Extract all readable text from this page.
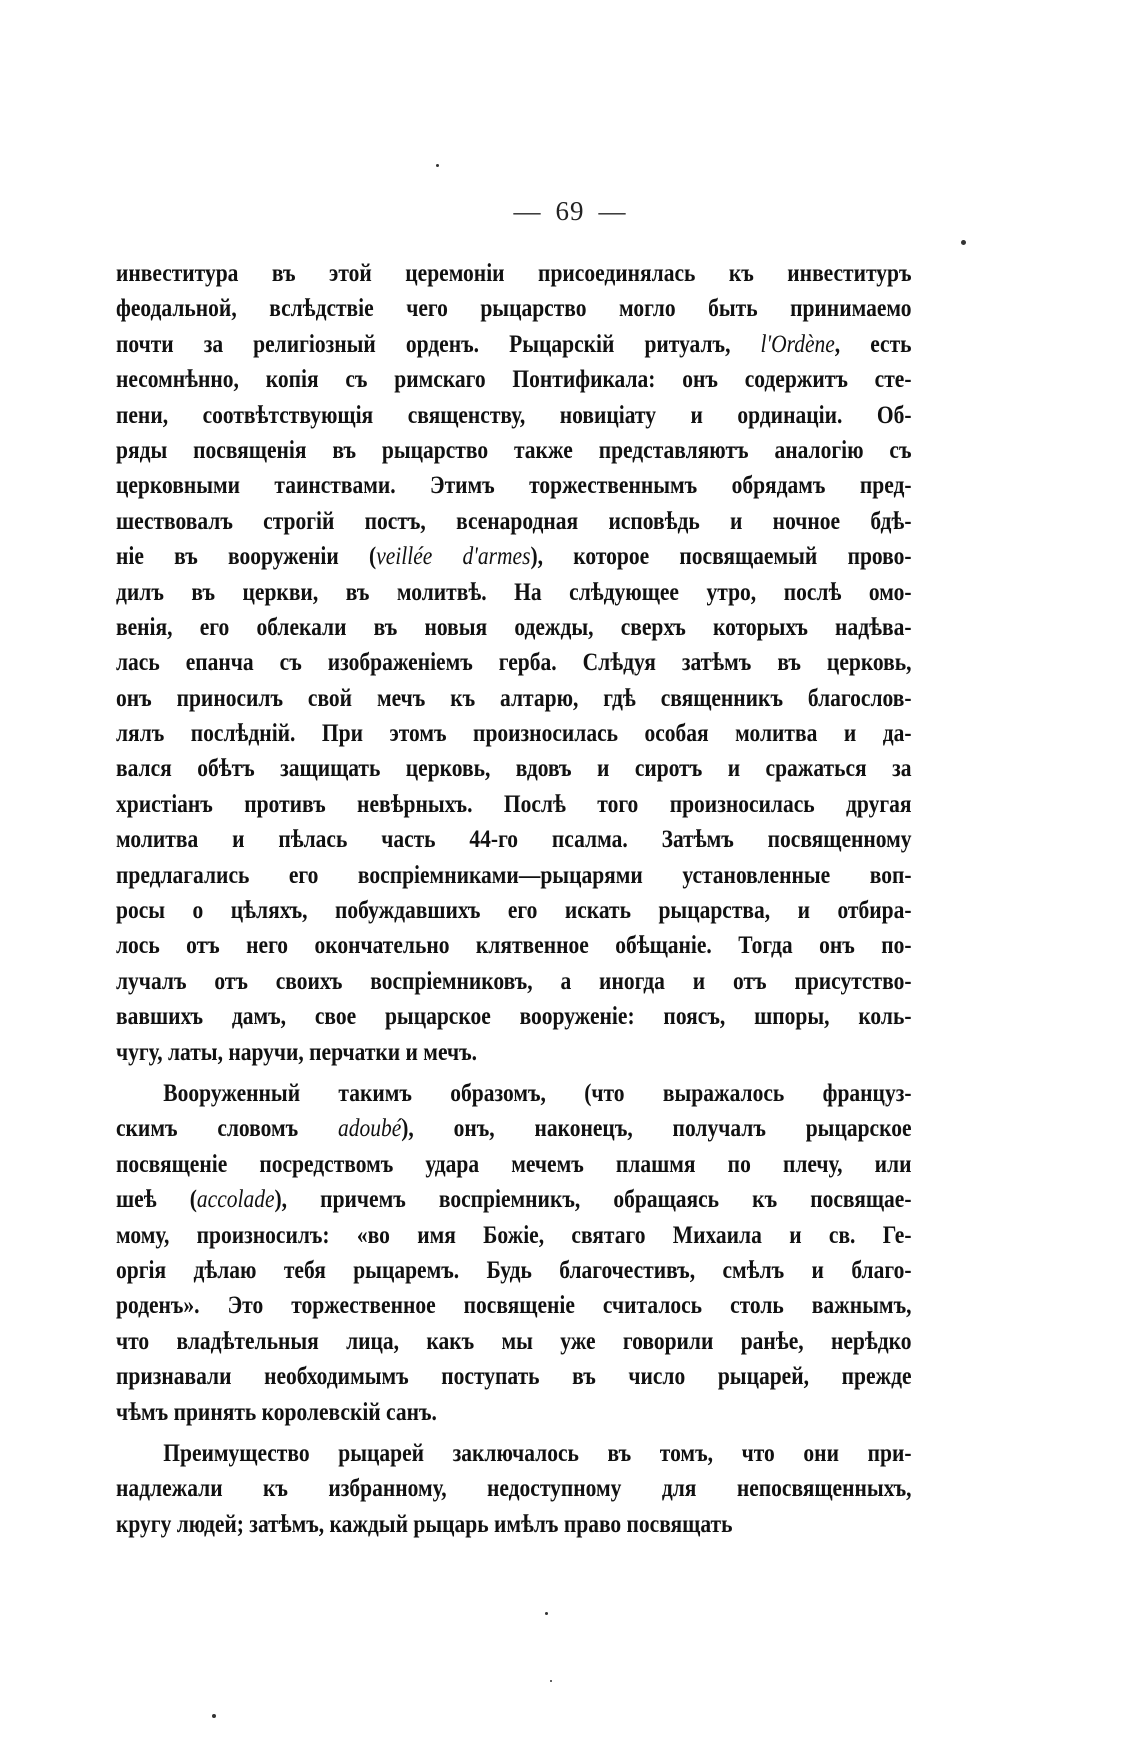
— 69 —
инвеститура въ этой церемоніи присоединялась къ инвеституръ
феодальной, вслѣдствіе чего рыцарство могло быть принимаемо
почти за религіозный орденъ. Рыцарскій ритуалъ, l'Ordène, есть
несомнѣнно, копія съ римскаго Понтификала: онъ содержитъ сте-
пени, соотвѣтствующія священству, новиціату и ординаціи. Об-
ряды посвященія въ рыцарство также представляютъ аналогію съ
церковными таинствами. Этимъ торжественнымъ обрядамъ пред-
шествовалъ строгій постъ, всенародная исповѣдь и ночное бдѣ-
ніе въ вооруженіи (veillée d'armes), которое посвящаемый прово-
дилъ въ церкви, въ молитвѣ. На слѣдующее утро, послѣ омо-
венія, его облекали въ новыя одежды, сверхъ которыхъ надѣва-
лась епанча съ изображеніемъ герба. Слѣдуя затѣмъ въ церковь,
онъ приносилъ свой мечъ къ алтарю, гдѣ священникъ благослов-
лялъ послѣдній. При этомъ произносилась особая молитва и да-
вался обѣтъ защищать церковь, вдовъ и сиротъ и сражаться за
христіанъ противъ невѣрныхъ. Послѣ того произносилась другая
молитва и пѣлась часть 44-го псалма. Затѣмъ посвященному
предлагались его воспріемниками—рыцарями установленные воп-
росы о цѣляхъ, побуждавшихъ его искать рыцарства, и отбира-
лось отъ него окончательно клятвенное обѣщаніе. Тогда онъ по-
лучалъ отъ своихъ воспріемниковъ, а иногда и отъ присутство-
вавшихъ дамъ, свое рыцарское вооруженіе: поясъ, шпоры, коль-
чугу, латы, наручи, перчатки и мечъ.
Вооруженный такимъ образомъ, (что выражалось француз-
скимъ словомъ adoubé), онъ, наконецъ, получалъ рыцарское
посвященіе посредствомъ удара мечемъ плашмя по плечу, или
шеѣ (accolade), причемъ воспріемникъ, обращаясь къ посвящае-
мому, произносилъ: «во имя Божіе, святаго Михаила и св. Ге-
оргія дѣлаю тебя рыцаремъ. Будь благочестивъ, смѣлъ и благо-
роденъ». Это торжественное посвященіе считалось столь важнымъ,
что владѣтельныя лица, какъ мы уже говорили ранѣе, нерѣдко
признавали необходимымъ поступать въ число рыцарей, прежде
чѣмъ принять королевскій санъ.
Преимущество рыцарей заключалось въ томъ, что они при-
надлежали къ избранному, недоступному для непосвященныхъ,
кругу людей; затѣмъ, каждый рыцарь имѣлъ право посвящать
